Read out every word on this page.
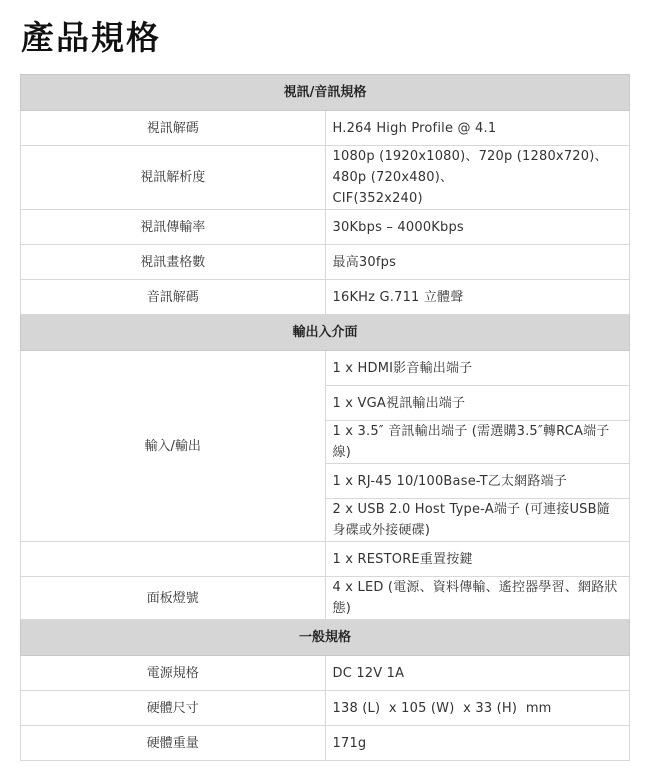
產品規格
視訊/音訊規格	
視訊解碼	H.264 High Profile @ 4.1
視訊解析度	1080p (1920x1080)、720p (1280x720)、480p (720x480)、
CIF(352x240)

視訊傳輸率	30Kbps – 4000Kbps
視訊畫格數	最高30fps
音訊解碼	16KHz G.711 立體聲
輸出入介面	
輸入/輸出	1 x HDMI影音輸出端子
	1 x VGA視訊輸出端子
	1 x 3.5″ 音訊輸出端子 (需選購3.5″轉RCA端子線)
	1 x RJ-45 10/100Base-T乙太網路端子
	2 x USB 2.0 Host Type-A端子 (可連接USB隨身碟或外接硬碟)
	1 x RESTORE重置按鍵
面板燈號	4 x LED (電源、資料傳輸、遙控器學習、網路狀態)
一般規格	
電源規格	DC 12V 1A
硬體尺寸	138 (L)  x 105 (W)  x 33 (H)  mm
硬體重量	171g
